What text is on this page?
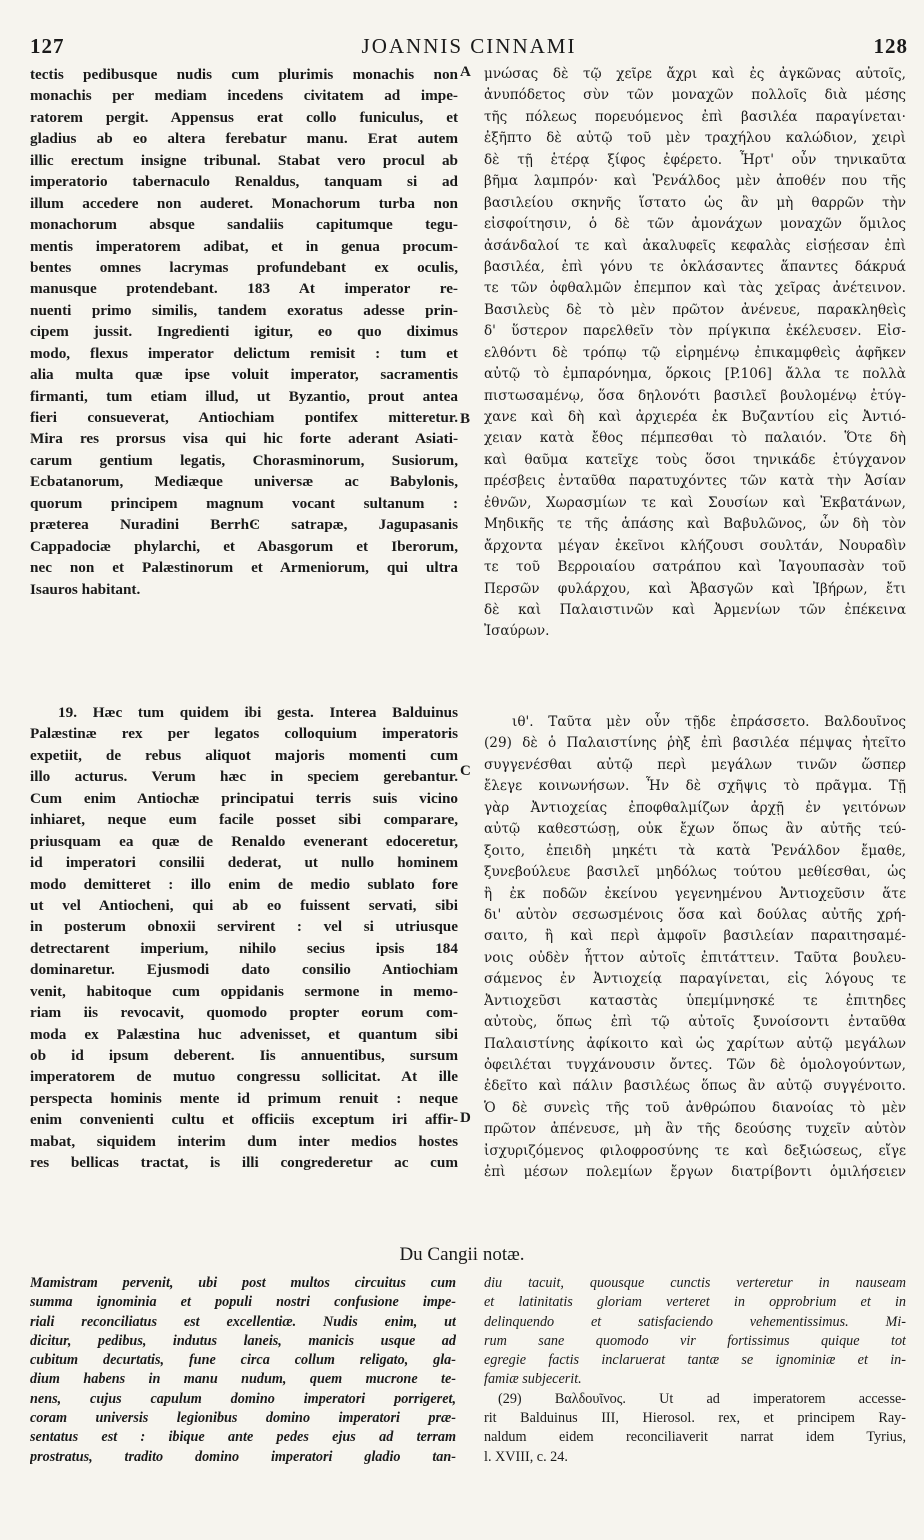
127	JOANNIS CINNAMI	128
tectis pedibusque nudis cum plurimis monachis non
monachis per mediam incedens civitatem ad impe-
ratorem pergit. Appensus erat collo funiculus, et
gladius ab eo altera ferebatur manu. Erat autem
illic erectum insigne tribunal. Stabat vero procul ab
imperatorio tabernaculo Renaldus, tanquam si ad
illum accedere non auderet. Monachorum turba non
monachorum absque sandaliis capitumque tegu-
mentis imperatorem adibat, et in genua procum-
bentes omnes lacrymas profundebant ex oculis,
manusque protendebant. 183 At imperator re-
nuenti primo similis, tandem exoratus adesse prin-
cipem jussit. Ingredienti igitur, eo quo diximus
modo, flexus imperator delictum remisit : tum et
alia multa quæ ipse voluit imperator, sacramentis
firmanti, tum etiam illud, ut Byzantio, prout antea
fieri consueverat, Antiochiam pontifex mitteretur.
Mira res prorsus visa qui hic forte aderant Asiati-
carum gentium legatis, Chorasminorum, Susiorum,
Ecbatanorum, Mediæque universæ ac Babylonis,
quorum principem magnum vocant sultanum :
præterea Nuradini BerrhϾ satrapæ, Jagupasanis
Cappadociæ phylarchi, et Abasgorum et Iberorum,
nec non et Palæstinorum et Armeniorum, qui ultra
Isauros habitant.
19. Hæc tum quidem ibi gesta. Interea Balduinus
Palæstinæ rex per legatos colloquium imperatoris
expetiit, de rebus aliquot majoris momenti cum
illo acturus. Verum hæc in speciem gerebantur.
Cum enim Antiochæ principatui terris suis vicino
inhiaret, neque eum facile posset sibi comparare,
priusquam ea quæ de Renaldo evenerant edoceretur,
id imperatori consilii dederat, ut nullo hominem
modo demitteret : illo enim de medio sublato fore
ut vel Antiocheni, qui ab eo fuissent servati, sibi
in posterum obnoxii servirent : vel si utriusque
detrectarent imperium, nihilo secius ipsis 184
dominaretur. Ejusmodi dato consilio Antiochiam
venit, habitoque cum oppidanis sermone in memo-
riam iis revocavit, quomodo propter eorum com-
moda ex Palæstina huc advenisset, et quantum sibi
ob id ipsum deberent. Iis annuentibus, sursum
imperatorem de mutuo congressu sollicitat. At ille
perspecta hominis mente id primum renuit : neque
enim convenienti cultu et officiis exceptum iri affir-
mabat, siquidem interim dum inter medios hostes
res bellicas tractat, is illi congrederetur ac cum
μνώσας δὲ τῷ χεῖρε ἄχρι καὶ ἐς ἀγκῶνας αὐτοῖς,
ἀνυπόδετος σὺν τῶν μοναχῶν πολλοῖς διὰ μέσης
τῆς πόλεως πορευόμενος ἐπὶ βασιλέα παραγίνεται·
ἐξῆπτο δὲ αὐτῷ τοῦ μὲν τραχήλου καλώδιον, χειρὶ
δὲ τῇ ἑτέρᾳ ξίφος ἐφέρετο. Ἦρτ' οὖν τηνικαῦτα
βῆμα λαμπρόν· καὶ Ῥενάλδος μὲν ἀποθέν που τῆς
βασιλείου σκηνῆς ἵστατο ὡς ἂν μὴ θαρρῶν τὴν
εἰσφοίτησιν, ὁ δὲ τῶν ἀμονάχων μοναχῶν ὅμιλος
ἀσάνδαλοί τε καὶ ἀκαλυφεῖς κεφαλὰς εἰσῄεσαν ἐπὶ
βασιλέα, ἐπὶ γόνυ τε ὀκλάσαντες ἅπαντες δάκρυά
τε τῶν ὀφθαλμῶν ἐπεμπον καὶ τὰς χεῖρας ἀνέτεινον.
Βασιλεὺς δὲ τὸ μὲν πρῶτον ἀνένευε, παρακληθεὶς
δ' ὕστερον παρελθεῖν τὸν πρίγκιπα ἐκέλευσεν. Εἰσ-
ελθόντι δὲ τρόπῳ τῷ εἰρημένῳ ἐπικαμφθεὶς ἀφῆκεν
αὐτῷ τὸ ἐμπαρόνημα, ὅρκοις [P.106] ἄλλα τε πολλὰ
πιστωσαμένῳ, ὅσα δηλονότι βασιλεῖ βουλομένῳ ἐτύγ-
χανε καὶ δὴ καὶ ἀρχιερέα ἐκ Βυζαντίου εἰς Ἀντιό-
χειαν κατὰ ἔθος πέμπεσθαι τὸ παλαιόν. Ὅτε δὴ
καὶ θαῦμα κατεῖχε τοὺς ὅσοι τηνικάδε ἐτύγχανον
πρέσβεις ἐνταῦθα παρατυχόντες τῶν κατὰ τὴν Ἀσίαν
ἐθνῶν, Χωρασμίων τε καὶ Σουσίων καὶ Ἐκβατάνων,
Μηδικῆς τε τῆς ἁπάσης καὶ Βαβυλῶνος, ὧν δὴ τὸν
ἄρχοντα μέγαν ἐκεῖνοι κλήζουσι σουλτάν, Νουραδὶν
τε τοῦ Βερροιαίου σατράπου καὶ Ἰαγουπασὰν τοῦ
Περσῶν φυλάρχου, καὶ Ἀβασγῶν καὶ Ἰβήρων, ἔτι
δὲ καὶ Παλαιστινῶν καὶ Ἀρμενίων τῶν ἐπέκεινα
Ἰσαύρων.
ιθ'. Ταῦτα μὲν οὖν τῇδε ἐπράσσετο. Βαλδουῖνος
(29) δὲ ὁ Παλαιστίνης ῥὴξ ἐπὶ βασιλέα πέμψας ἠτεῖτο
συγγενέσθαι αὐτῷ περὶ μεγάλων τινῶν ὥσπερ
ἔλεγε κοινωνήσων. Ἦν δὲ σχῆψις τὸ πρᾶγμα. Τῇ
γὰρ Ἀντιοχείας ἐποφθαλμίζων ἀρχῇ ἐν γειτόνων
αὐτῷ καθεστώσῃ, οὐκ ἔχων ὅπως ἂν αὐτῆς τεύ-
ξοιτο, ἐπειδὴ μηκέτι τὰ κατὰ Ῥενάλδον ἔμαθε,
ξυνεβούλευε βασιλεῖ μηδόλως τούτου μεθίεσθαι, ὡς
ἢ ἐκ ποδῶν ἐκείνου γεγενημένου Ἀντιοχεῦσιν ἅτε
δι' αὐτὸν σεσωσμένοις ὅσα καὶ δούλας αὐτῆς χρή-
σαιτο, ἢ καὶ περὶ ἀμφοῖν βασιλείαν παραιτησαμέ-
νοις οὐδὲν ἧττον αὐτοῖς ἐπιτάττειν. Ταῦτα βουλευ-
σάμενος ἐν Ἀντιοχείᾳ παραγίνεται, εἰς λόγους τε
Ἀντιοχεῦσι καταστὰς ὑπεμίμνησκέ τε ἐπιτηδες
αὐτοὺς, ὅπως ἐπὶ τῷ αὐτοῖς ξυνοίσοντι ἐνταῦθα
Παλαιστίνης ἀφίκοιτο καὶ ὡς χαρίτων αὐτῷ μεγάλων
ὀφειλέται τυγχάνουσιν ὄντες. Τῶν δὲ ὁμολογούντων,
ἐδεῖτο καὶ πάλιν βασιλέως ὅπως ἂν αὐτῷ συγγένοιτο.
Ὁ δὲ συνεὶς τῆς τοῦ ἀνθρώπου διανοίας τὸ μὲν
πρῶτον ἀπένευσε, μὴ ἂν τῆς δεούσης τυχεῖν αὐτὸν
ἰσχυριζόμενος φιλοφροσύνης τε καὶ δεξιώσεως, εἴγε
ἐπὶ μέσων πολεμίων ἔργων διατρίβοντι ὁμιλήσειεν
A
B
C
D
Du Cangii notæ.
Mamistram pervenit, ubi post multos circuitus cum
summa ignominia et populi nostri confusione impe-
riali reconciliatus est excellentiæ. Nudis enim, ut
dicitur, pedibus, indutus laneis, manicis usque ad
cubitum decurtatis, fune circa collum religato, gla-
dium habens in manu nudum, quem mucrone te-
nens, cujus capulum domino imperatori porrigeret,
coram universis legionibus domino imperatori præ-
sentatus est : ibique ante pedes ejus ad terram
prostratus, tradito domino imperatori gladio tan-
diu tacuit, quousque cunctis verteretur in nauseam
et latinitatis gloriam verteret in opprobrium et in
delinquendo et satisfaciendo vehementissimus. Mi-
rum sane quomodo vir fortissimus quique tot
egregie factis inclaruerat tantæ se ignominiæ et in-
famiæ subjecerit.
(29) Βαλδουῖνος. Ut ad imperatorem accesse-
rit Balduinus III, Hierosol. rex, et principem Ray-
naldum eidem reconciliaverit narrat idem Tyrius,
l. XVIII, c. 24.
